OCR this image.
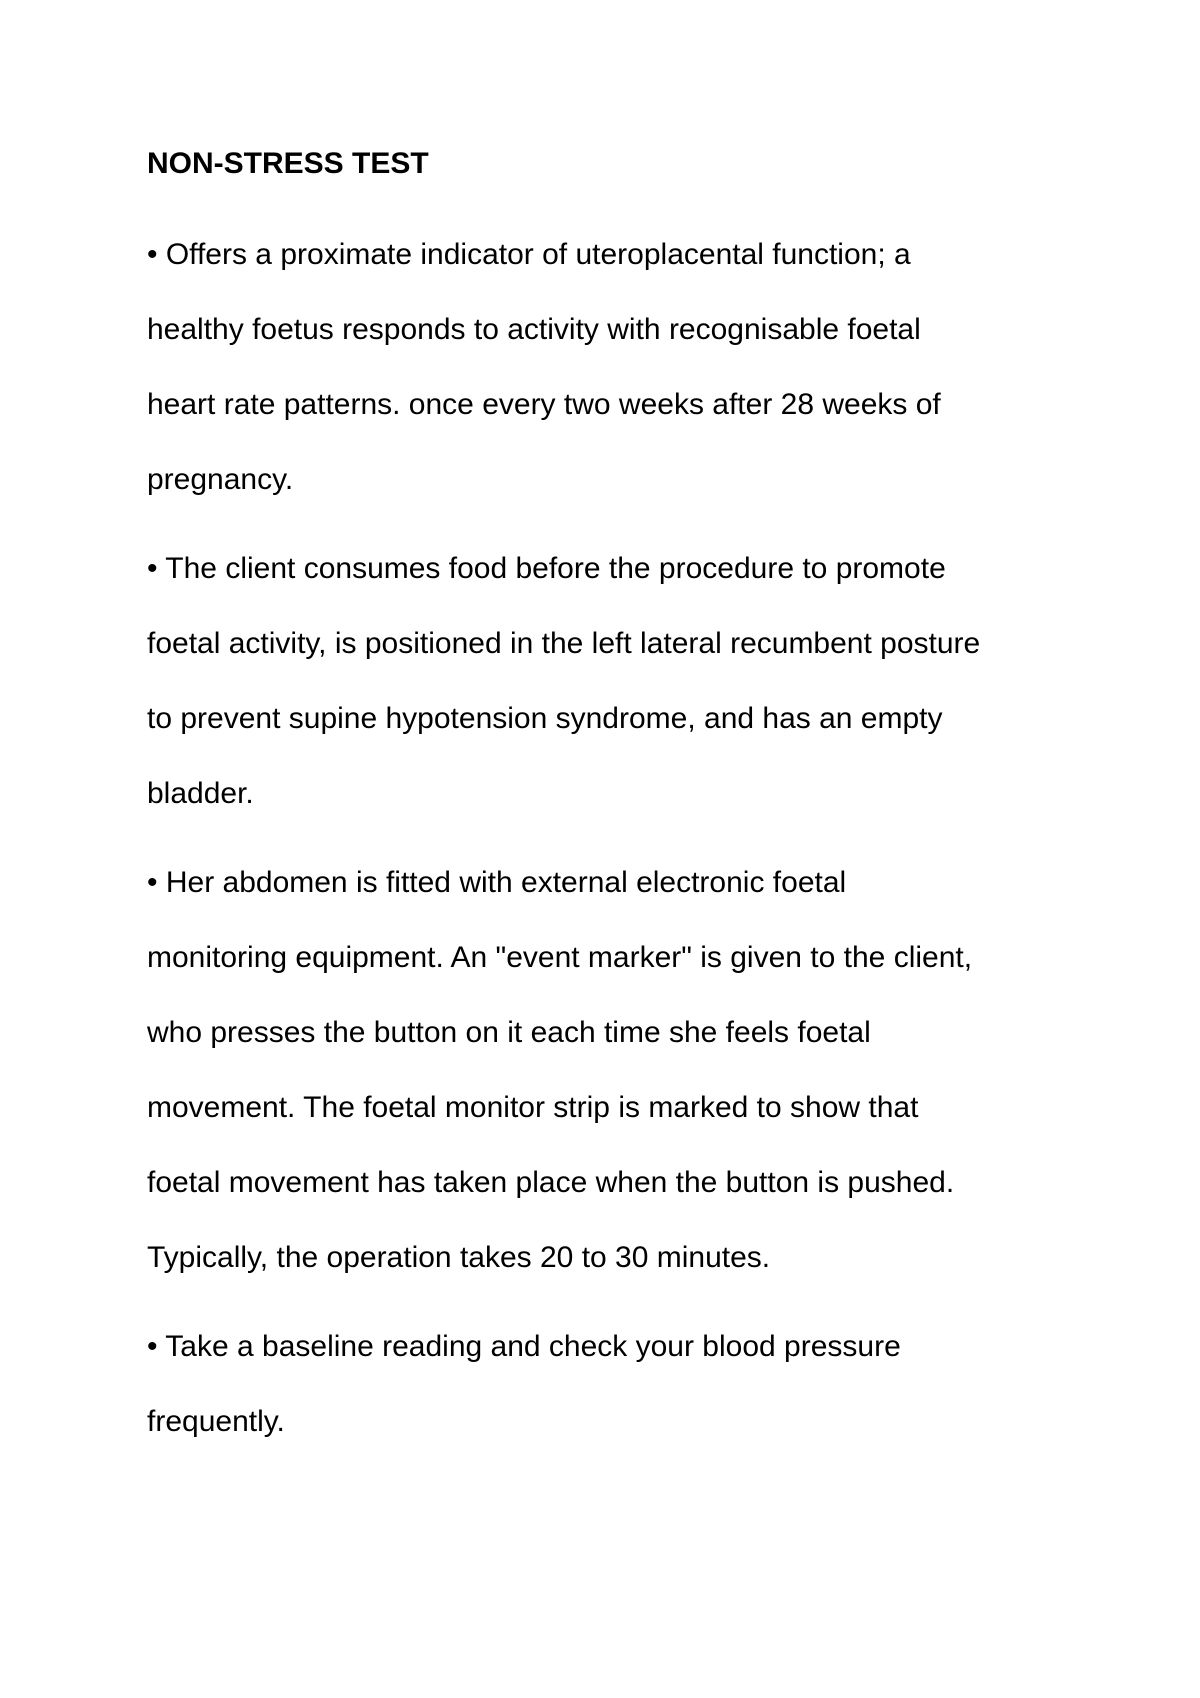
NON-STRESS TEST
• Offers a proximate indicator of uteroplacental function; a
healthy foetus responds to activity with recognisable foetal
heart rate patterns. once every two weeks after 28 weeks of
pregnancy.
• The client consumes food before the procedure to promote
foetal activity, is positioned in the left lateral recumbent posture
to prevent supine hypotension syndrome, and has an empty
bladder.
• Her abdomen is fitted with external electronic foetal
monitoring equipment. An "event marker" is given to the client,
who presses the button on it each time she feels foetal
movement. The foetal monitor strip is marked to show that
foetal movement has taken place when the button is pushed.
Typically, the operation takes 20 to 30 minutes.
• Take a baseline reading and check your blood pressure
frequently.
